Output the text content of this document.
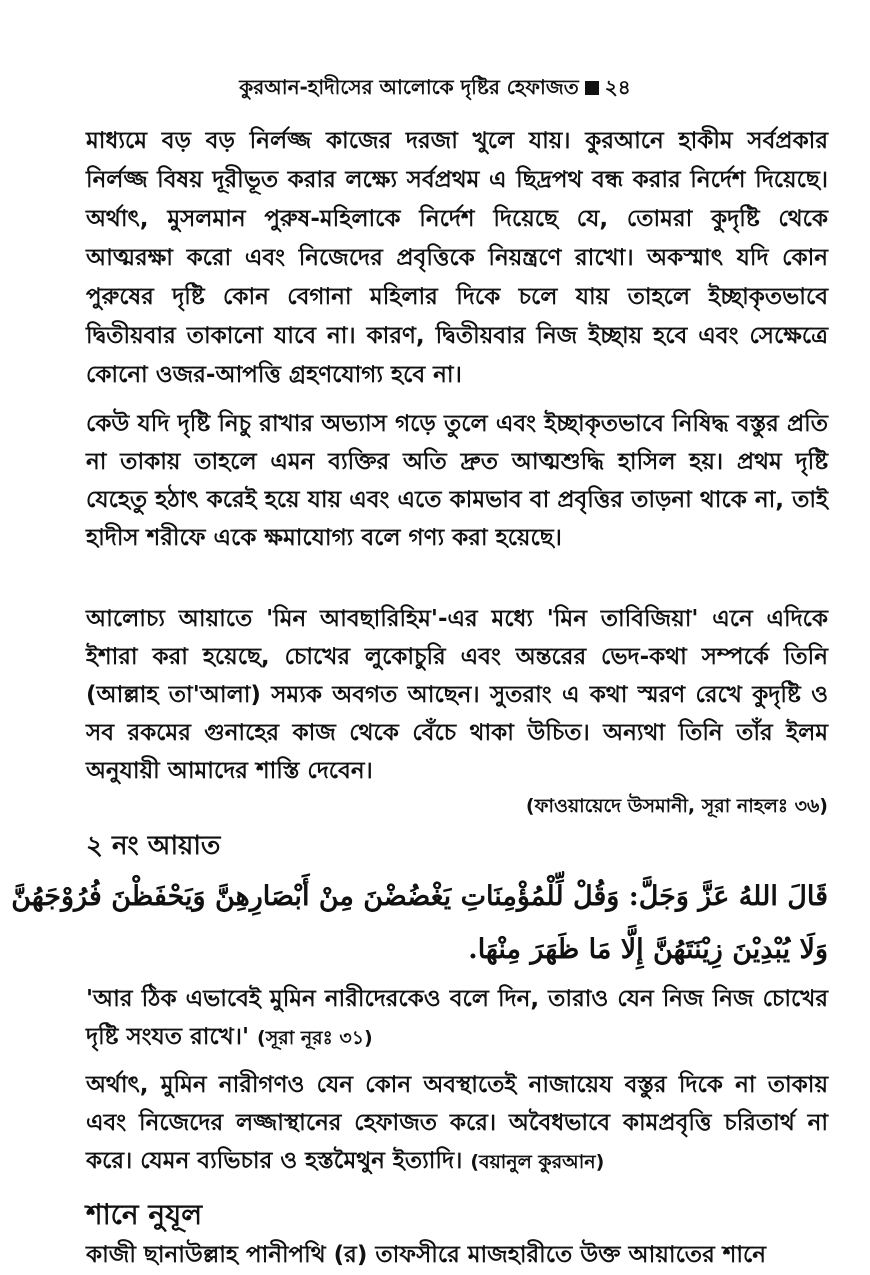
কুরআন-হাদীসের আলোকে দৃষ্টির হেফাজত ২৪
মাধ্যমে বড় বড় নির্লজ্জ কাজের দরজা খুলে যায়। কুরআনে হাকীম সর্বপ্রকার নির্লজ্জ বিষয় দূরীভূত করার লক্ষ্যে সর্বপ্রথম এ ছিদ্রপথ বন্ধ করার নির্দেশ দিয়েছে। অর্থাৎ, মুসলমান পুরুষ-মহিলাকে নির্দেশ দিয়েছে যে, তোমরা কুদৃষ্টি থেকে আত্মরক্ষা করো এবং নিজেদের প্রবৃত্তিকে নিয়ন্ত্রণে রাখো। অকস্মাৎ যদি কোন পুরুষের দৃষ্টি কোন বেগানা মহিলার দিকে চলে যায় তাহলে ইচ্ছাকৃতভাবে দ্বিতীয়বার তাকানো যাবে না। কারণ, দ্বিতীয়বার নিজ ইচ্ছায় হবে এবং সেক্ষেত্রে কোনো ওজর-আপত্তি গ্রহণযোগ্য হবে না।
কেউ যদি দৃষ্টি নিচু রাখার অভ্যাস গড়ে তুলে এবং ইচ্ছাকৃতভাবে নিষিদ্ধ বস্তুর প্রতি না তাকায় তাহলে এমন ব্যক্তির অতি দ্রুত আত্মশুদ্ধি হাসিল হয়। প্রথম দৃষ্টি যেহেতু হঠাৎ করেই হয়ে যায় এবং এতে কামভাব বা প্রবৃত্তির তাড়না থাকে না, তাই হাদীস শরীফে একে ক্ষমাযোগ্য বলে গণ্য করা হয়েছে।
আলোচ্য আয়াতে 'মিন আবছারিহিম'-এর মধ্যে 'মিন তাবিজিয়া' এনে এদিকে ইশারা করা হয়েছে, চোখের লুকোচুরি এবং অন্তরের ভেদ-কথা সম্পর্কে তিনি (আল্লাহ তা'আলা) সম্যক অবগত আছেন। সুতরাং এ কথা স্মরণ রেখে কুদৃষ্টি ও সব রকমের গুনাহের কাজ থেকে বেঁচে থাকা উচিত। অন্যথা তিনি তাঁর ইলম অনুযায়ী আমাদের শাস্তি দেবেন।
(ফাওয়ায়েদে উসমানী, সূরা নাহলঃ ৩৬)
২ নং আয়াত
قَالَ اللهُ عَزَّ وَجَلَّ: وَقُلْ لِّلْمُؤْمِنَاتِ يَغْضُضْنَ مِنْ أَبْصَارِهِنَّ وَيَحْفَظْنَ فُرُوْجَهُنَّ
وَلَا يُبْدِيْنَ زِيْنَتَهُنَّ إِلَّا مَا ظَهَرَ مِنْهَا.
'আর ঠিক এভাবেই মুমিন নারীদেরকেও বলে দিন, তারাও যেন নিজ নিজ চোখের দৃষ্টি সংযত রাখে।' (সূরা নূরঃ ৩১)
অর্থাৎ, মুমিন নারীগণও যেন কোন অবস্থাতেই নাজায়েয বস্তুর দিকে না তাকায় এবং নিজেদের লজ্জাস্থানের হেফাজত করে। অবৈধভাবে কামপ্রবৃত্তি চরিতার্থ না করে। যেমন ব্যভিচার ও হস্তমৈথুন ইত্যাদি। (বয়ানুল কুরআন)
শানে নুযূল
কাজী ছানাউল্লাহ পানীপথি (র) তাফসীরে মাজহারীতে উক্ত আয়াতের শানে
